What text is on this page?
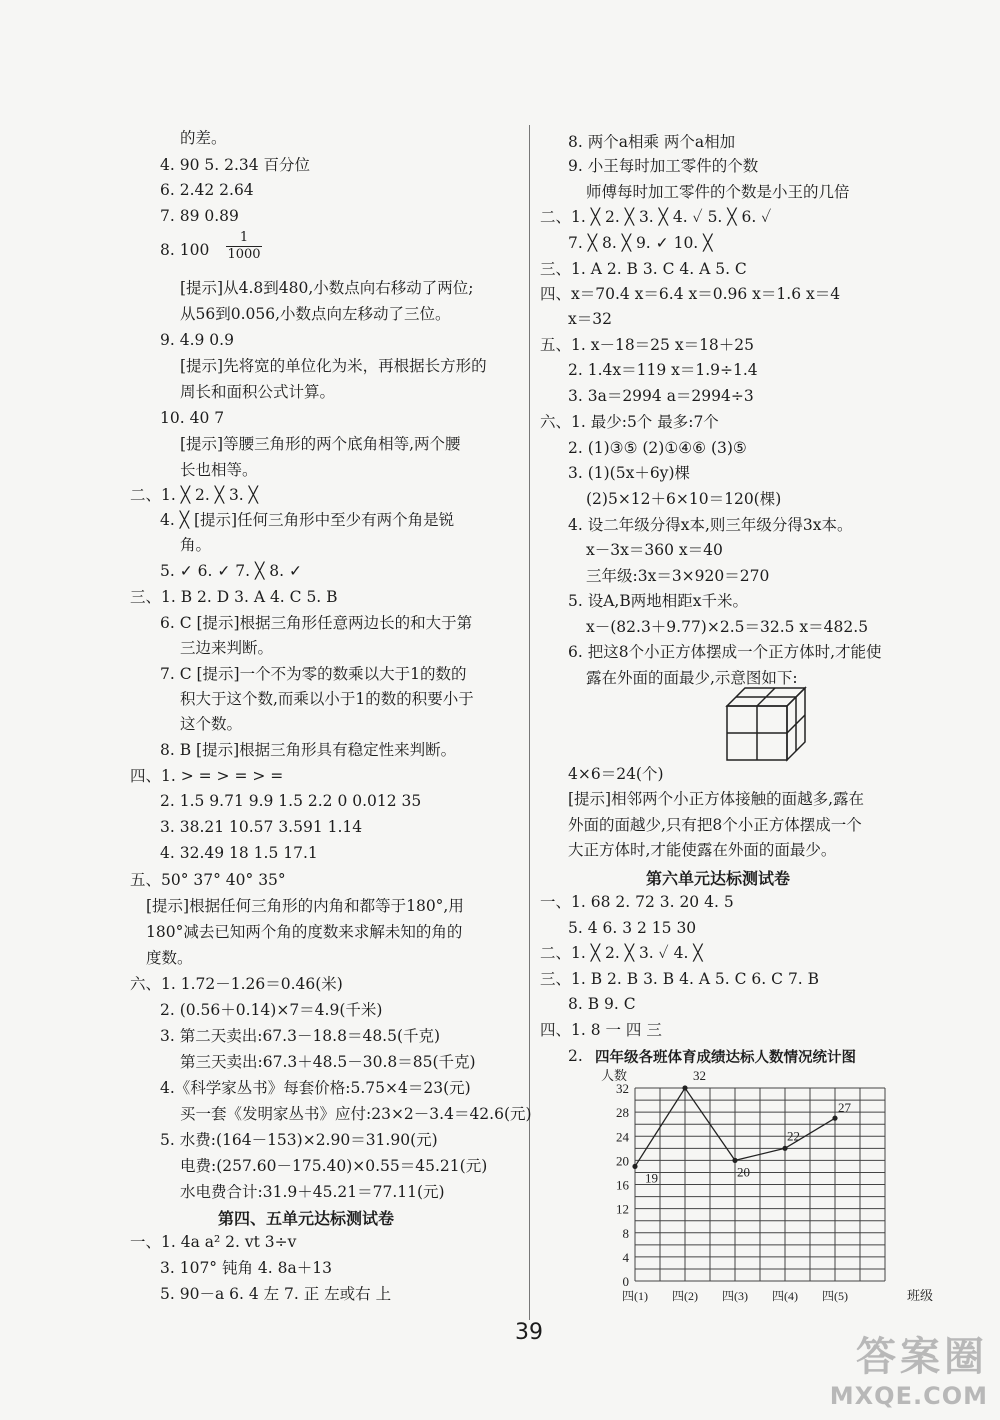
的差。
4. 90 5. 2.34 百分位
6. 2.42 2.64
7. 89 0.89
8. $100 \frac{1}{1000}$
[提示]从4.8到480,小数点向右移动了两位;
从56到0.056,小数点向左移动了三位。
9. 4.9 0.9
[提示]先将宽的单位化为米，再根据长方形的
周长和面积公式计算。
10. 40 7
[提示]等腰三角形的两个底角相等,两个腰
长也相等。
二、1. ╳ 2. ╳ 3. ╳
4. ╳ [提示]任何三角形中至少有两个角是锐
角。
5. ✓ 6. ✓ 7. ╳ 8. ✓
三、1. B 2. D 3. A 4. C 5. B
6. C [提示]根据三角形任意两边长的和大于第
三边来判断。
7. C [提示]一个不为零的数乘以大于1的数的
积大于这个数,而乘以小于1的数的积要小于
这个数。
8. B [提示]根据三角形具有稳定性来判断。
四、1. > = > = > =
2. 1.5 9.71 9.9 1.5 2.2 0 0.012 35
3. 38.21 10.57 3.591 1.14
4. 32.49 18 1.5 17.1
五、50° 37° 40° 35°
[提示]根据任何三角形的内角和都等于180°,用
180°减去已知两个角的度数来求解未知的角的
度数。
六、1. 1.72－1.26＝0.46(米)
2. (0.56＋0.14)×7＝4.9(千米)
3. 第二天卖出:67.3－18.8＝48.5(千克)
第三天卖出:67.3＋48.5－30.8＝85(千克)
4.《科学家丛书》每套价格:5.75×4＝23(元)
买一套《发明家丛书》应付:23×2－3.4＝42.6(元)
5. 水费:(164－153)×2.90＝31.90(元)
电费:(257.60－175.40)×0.55＝45.21(元)
水电费合计:31.9＋45.21＝77.11(元)
第四、五单元达标测试卷
一、1. 4a a² 2. vt 3÷v
3. 107° 钝角 4. 8a＋13
5. 90－a 6. 4 左 7. 正 左或右 上
8. 两个a相乘 两个a相加
9. 小王每时加工零件的个数
师傅每时加工零件的个数是小王的几倍
二、1. ╳ 2. ╳ 3. ╳ 4. ✓ 5. ╳ 6. ✓
7. ╳ 8. ╳ 9. ✓ 10. ╳
三、1. A 2. B 3. C 4. A 5. C
四、x＝70.4 x＝6.4 x＝0.96 x＝1.6 x＝4
x＝32
五、1. x－18＝25 x＝18＋25
2. 1.4x＝119 x＝1.9÷1.4
3. 3a＝2994 a＝2994÷3
六、1. 最少:5个 最多:7个
2. (1)③⑤ (2)①④⑥ (3)⑤
3. (1)(5x＋6y)棵
(2)5×12＋6×10＝120(棵)
4. 设二年级分得x本,则三年级分得3x本。
x－3x＝360 x＝40
三年级:3x＝3×920＝270
5. 设A,B两地相距x千米。
x－(82.3＋9.77)×2.5＝32.5 x＝482.5
6. 把这8个小正方体摆成一个正方体时,才能使
露在外面的面最少,示意图如下:
4×6＝24(个)
[提示]相邻两个小正方体接触的面越多,露在
外面的面越少,只有把8个小正方体摆成一个
大正方体时,才能使露在外面的面最少。
第六单元达标测试卷
一、1. 68 2. 72 3. 20 4. 5
5. 4 6. 3 2 15 30
二、1. ╳ 2. ╳ 3. ✓ 4. ╳
三、1. B 2. B 3. B 4. A 5. C 6. C 7. B
8. B 9. C
四、1. 8 一 四 三
2. 四年级各班体育成绩达标人数情况统计图
0
4
8
12
16
20
24
28
32
人数
班级
四(1) 四(2) 四(3) 四(4) 四(5)
19
32
20
22
27
39
答案圈
MXQE.COM
